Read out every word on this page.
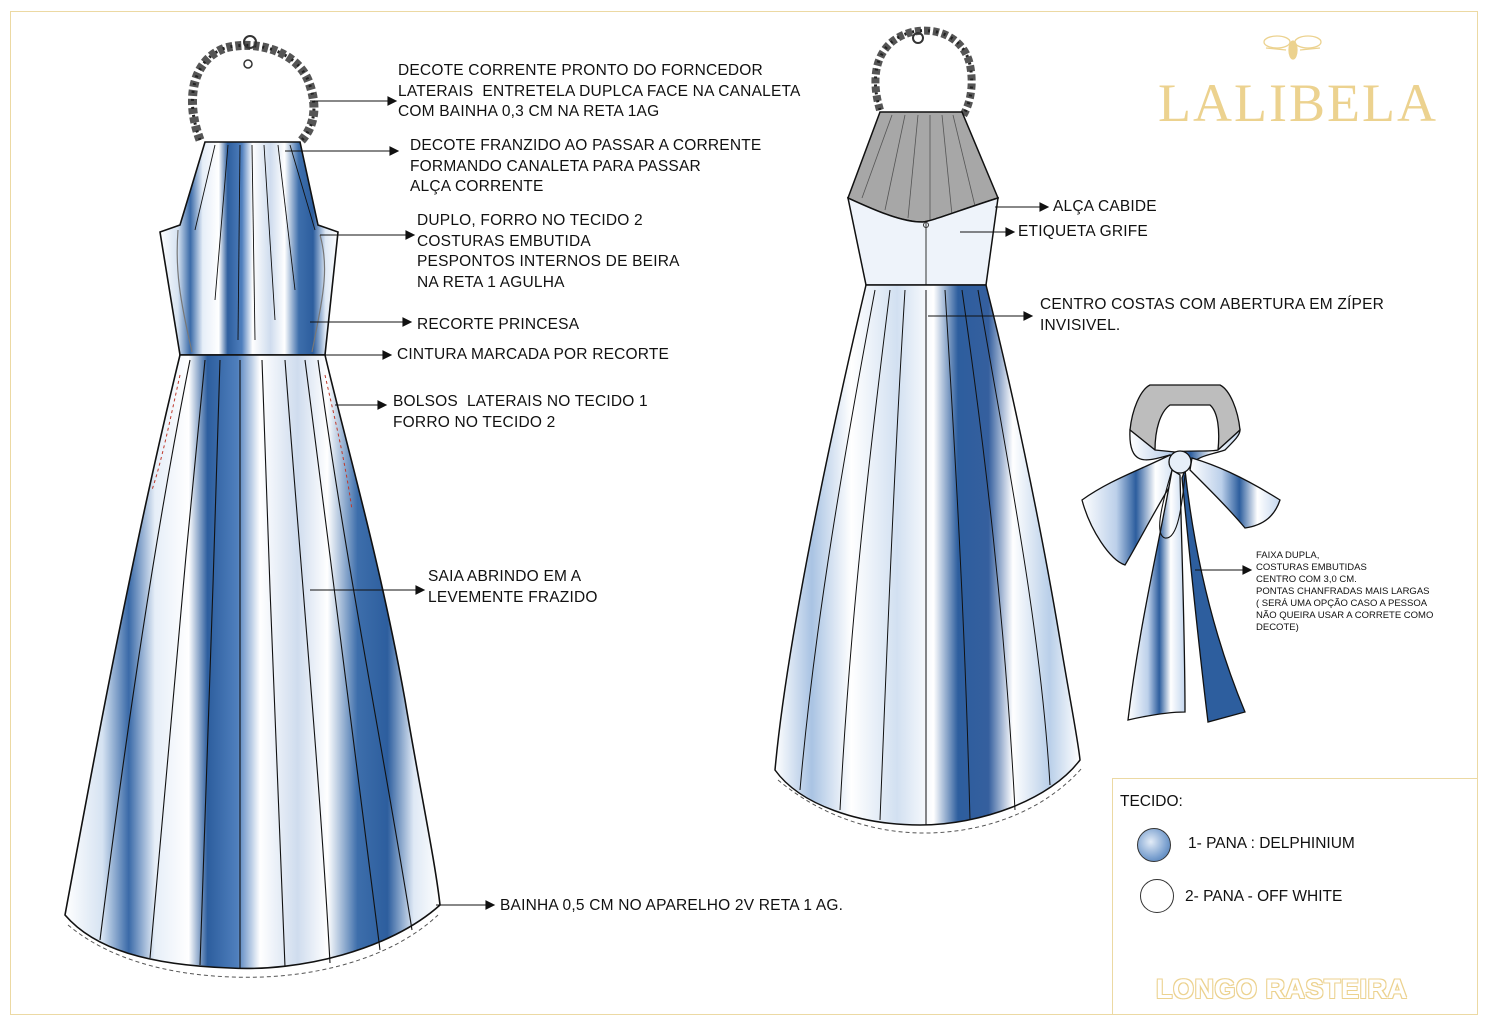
LALIBELA
DECOTE CORRENTE PRONTO DO FORNCEDOR
LATERAIS  ENTRETELA DUPLCA FACE NA CANALETA
COM BAINHA 0,3 CM NA RETA 1AG
DECOTE FRANZIDO AO PASSAR A CORRENTE
FORMANDO CANALETA PARA PASSAR
ALÇA CORRENTE
DUPLO, FORRO NO TECIDO 2
COSTURAS EMBUTIDA
PESPONTOS INTERNOS DE BEIRA
NA RETA 1 AGULHA
RECORTE PRINCESA
CINTURA MARCADA POR RECORTE
BOLSOS  LATERAIS NO TECIDO 1
FORRO NO TECIDO 2
SAIA ABRINDO EM A
LEVEMENTE FRAZIDO
BAINHA 0,5 CM NO APARELHO 2V RETA 1 AG.
ALÇA CABIDE
ETIQUETA GRIFE
CENTRO COSTAS COM ABERTURA EM ZÍPER
INVISIVEL.
FAIXA DUPLA,
COSTURAS EMBUTIDAS
CENTRO COM 3,0 CM.
PONTAS CHANFRADAS MAIS LARGAS
( SERÁ UMA OPÇÃO CASO A PESSOA
NÃO QUEIRA USAR A CORRETE COMO
DECOTE)
TECIDO:
1- PANA : DELPHINIUM
2- PANA - OFF WHITE
LONGO RASTEIRA
